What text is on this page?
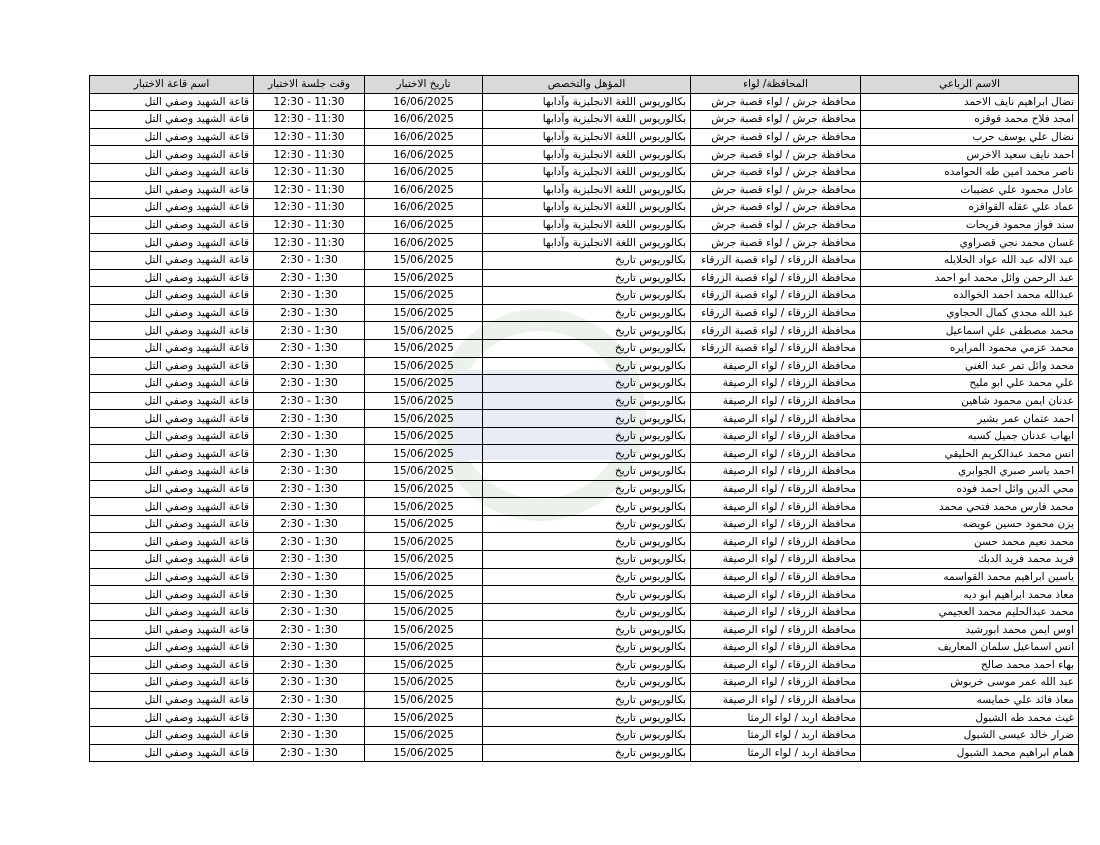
الاسم الرباعي	المحافظة/ لواء	المؤهل والتخصص	تاريخ الاختبار	وقت جلسة الاختبار	اسم قاعة الاختبار
نضال ابراهيم نايف الاحمد	محافظة جرش / لواء قصبة جرش	بكالوريوس اللغة الانجليزية وآدابها	16/06/2025	12:30 - 11:30	قاعة الشهيد وصفي التل
امجد فلاح محمد قوقزه	محافظة جرش / لواء قصبة جرش	بكالوريوس اللغة الانجليزية وآدابها	16/06/2025	12:30 - 11:30	قاعة الشهيد وصفي التل
نضال علي يوسف حرب	محافظة جرش / لواء قصبة جرش	بكالوريوس اللغة الانجليزية وآدابها	16/06/2025	12:30 - 11:30	قاعة الشهيد وصفي التل
احمد نايف سعيد الاخرس	محافظة جرش / لواء قصبة جرش	بكالوريوس اللغة الانجليزية وآدابها	16/06/2025	12:30 - 11:30	قاعة الشهيد وصفي التل
ناصر محمد امين طه الحوامده	محافظة جرش / لواء قصبة جرش	بكالوريوس اللغة الانجليزية وآدابها	16/06/2025	12:30 - 11:30	قاعة الشهيد وصفي التل
عادل محمود علي عضيبات	محافظة جرش / لواء قصبة جرش	بكالوريوس اللغة الانجليزية وآدابها	16/06/2025	12:30 - 11:30	قاعة الشهيد وصفي التل
عماد علي عقله القواقزه	محافظة جرش / لواء قصبة جرش	بكالوريوس اللغة الانجليزية وآدابها	16/06/2025	12:30 - 11:30	قاعة الشهيد وصفي التل
سند فواز محمود فريحات	محافظة جرش / لواء قصبة جرش	بكالوريوس اللغة الانجليزية وآدابها	16/06/2025	12:30 - 11:30	قاعة الشهيد وصفي التل
غسان محمد نجي قصراوي	محافظة جرش / لواء قصبة جرش	بكالوريوس اللغة الانجليزية وآدابها	16/06/2025	12:30 - 11:30	قاعة الشهيد وصفي التل
عبد الاله عبد الله عواد الخلايله	محافظة الزرقاء / لواء قصبة الزرقاء	بكالوريوس تاريخ	15/06/2025	2:30 - 1:30	قاعة الشهيد وصفي التل
عبد الرحمن وائل محمد ابو احمد	محافظة الزرقاء / لواء قصبة الزرقاء	بكالوريوس تاريخ	15/06/2025	2:30 - 1:30	قاعة الشهيد وصفي التل
عبدالله محمد احمد الخوالده	محافظة الزرقاء / لواء قصبة الزرقاء	بكالوريوس تاريخ	15/06/2025	2:30 - 1:30	قاعة الشهيد وصفي التل
عبد الله مجدي كمال الحجاوي	محافظة الزرقاء / لواء قصبة الزرقاء	بكالوريوس تاريخ	15/06/2025	2:30 - 1:30	قاعة الشهيد وصفي التل
محمد مصطفى علي اسماعيل	محافظة الزرقاء / لواء قصبة الزرقاء	بكالوريوس تاريخ	15/06/2025	2:30 - 1:30	قاعة الشهيد وصفي التل
محمد عزمي محمود المرايره	محافظة الزرقاء / لواء قصبة الزرقاء	بكالوريوس تاريخ	15/06/2025	2:30 - 1:30	قاعة الشهيد وصفي التل
محمد وائل تمر عبد الغني	محافظة الزرقاء / لواء الرصيفة	بكالوريوس تاريخ	15/06/2025	2:30 - 1:30	قاعة الشهيد وصفي التل
علي محمد علي ابو مليح	محافظة الزرقاء / لواء الرصيفة	بكالوريوس تاريخ	15/06/2025	2:30 - 1:30	قاعة الشهيد وصفي التل
عدنان ايمن محمود شاهين	محافظة الزرقاء / لواء الرصيفة	بكالوريوس تاريخ	15/06/2025	2:30 - 1:30	قاعة الشهيد وصفي التل
احمد عثمان عمر بشير	محافظة الزرقاء / لواء الرصيفة	بكالوريوس تاريخ	15/06/2025	2:30 - 1:30	قاعة الشهيد وصفي التل
ايهاب عدنان جميل كسبه	محافظة الزرقاء / لواء الرصيفة	بكالوريوس تاريخ	15/06/2025	2:30 - 1:30	قاعة الشهيد وصفي التل
انس محمد عبدالكريم الحليقي	محافظة الزرقاء / لواء الرصيفة	بكالوريوس تاريخ	15/06/2025	2:30 - 1:30	قاعة الشهيد وصفي التل
احمد ياسر صبري الجوابري	محافظة الزرقاء / لواء الرصيفة	بكالوريوس تاريخ	15/06/2025	2:30 - 1:30	قاعة الشهيد وصفي التل
محي الدين وائل احمد فوده	محافظة الزرقاء / لواء الرصيفة	بكالوريوس تاريخ	15/06/2025	2:30 - 1:30	قاعة الشهيد وصفي التل
محمد فارس محمد فتحي محمد	محافظة الزرقاء / لواء الرصيفة	بكالوريوس تاريخ	15/06/2025	2:30 - 1:30	قاعة الشهيد وصفي التل
يزن محمود حسين عويضه	محافظة الزرقاء / لواء الرصيفة	بكالوريوس تاريخ	15/06/2025	2:30 - 1:30	قاعة الشهيد وصفي التل
محمد نعيم محمد حسن	محافظة الزرقاء / لواء الرصيفة	بكالوريوس تاريخ	15/06/2025	2:30 - 1:30	قاعة الشهيد وصفي التل
فريد محمد فريد الدبك	محافظة الزرقاء / لواء الرصيفة	بكالوريوس تاريخ	15/06/2025	2:30 - 1:30	قاعة الشهيد وصفي التل
ياسين ابراهيم محمد القواسمه	محافظة الزرقاء / لواء الرصيفة	بكالوريوس تاريخ	15/06/2025	2:30 - 1:30	قاعة الشهيد وصفي التل
معاذ محمد ابراهيم ابو ديه	محافظة الزرقاء / لواء الرصيفة	بكالوريوس تاريخ	15/06/2025	2:30 - 1:30	قاعة الشهيد وصفي التل
محمد عبدالحليم محمد العجيمي	محافظة الزرقاء / لواء الرصيفة	بكالوريوس تاريخ	15/06/2025	2:30 - 1:30	قاعة الشهيد وصفي التل
اوس ايمن محمد ابورشيد	محافظة الزرقاء / لواء الرصيفة	بكالوريوس تاريخ	15/06/2025	2:30 - 1:30	قاعة الشهيد وصفي التل
انس اسماعيل سلمان المعاريف	محافظة الزرقاء / لواء الرصيفة	بكالوريوس تاريخ	15/06/2025	2:30 - 1:30	قاعة الشهيد وصفي التل
بهاء احمد محمد صالح	محافظة الزرقاء / لواء الرصيفة	بكالوريوس تاريخ	15/06/2025	2:30 - 1:30	قاعة الشهيد وصفي التل
عبد الله عمر موسى خربوش	محافظة الزرقاء / لواء الرصيفة	بكالوريوس تاريخ	15/06/2025	2:30 - 1:30	قاعة الشهيد وصفي التل
معاذ فائد علي خمايسه	محافظة الزرقاء / لواء الرصيفة	بكالوريوس تاريخ	15/06/2025	2:30 - 1:30	قاعة الشهيد وصفي التل
غيث محمد طه الشبول	محافظة اربد / لواء الرمثا	بكالوريوس تاريخ	15/06/2025	2:30 - 1:30	قاعة الشهيد وصفي التل
ضرار خالد عيسى الشبول	محافظة اربد / لواء الرمثا	بكالوريوس تاريخ	15/06/2025	2:30 - 1:30	قاعة الشهيد وصفي التل
همام ابراهيم محمد الشبول	محافظة اربد / لواء الرمثا	بكالوريوس تاريخ	15/06/2025	2:30 - 1:30	قاعة الشهيد وصفي التل
